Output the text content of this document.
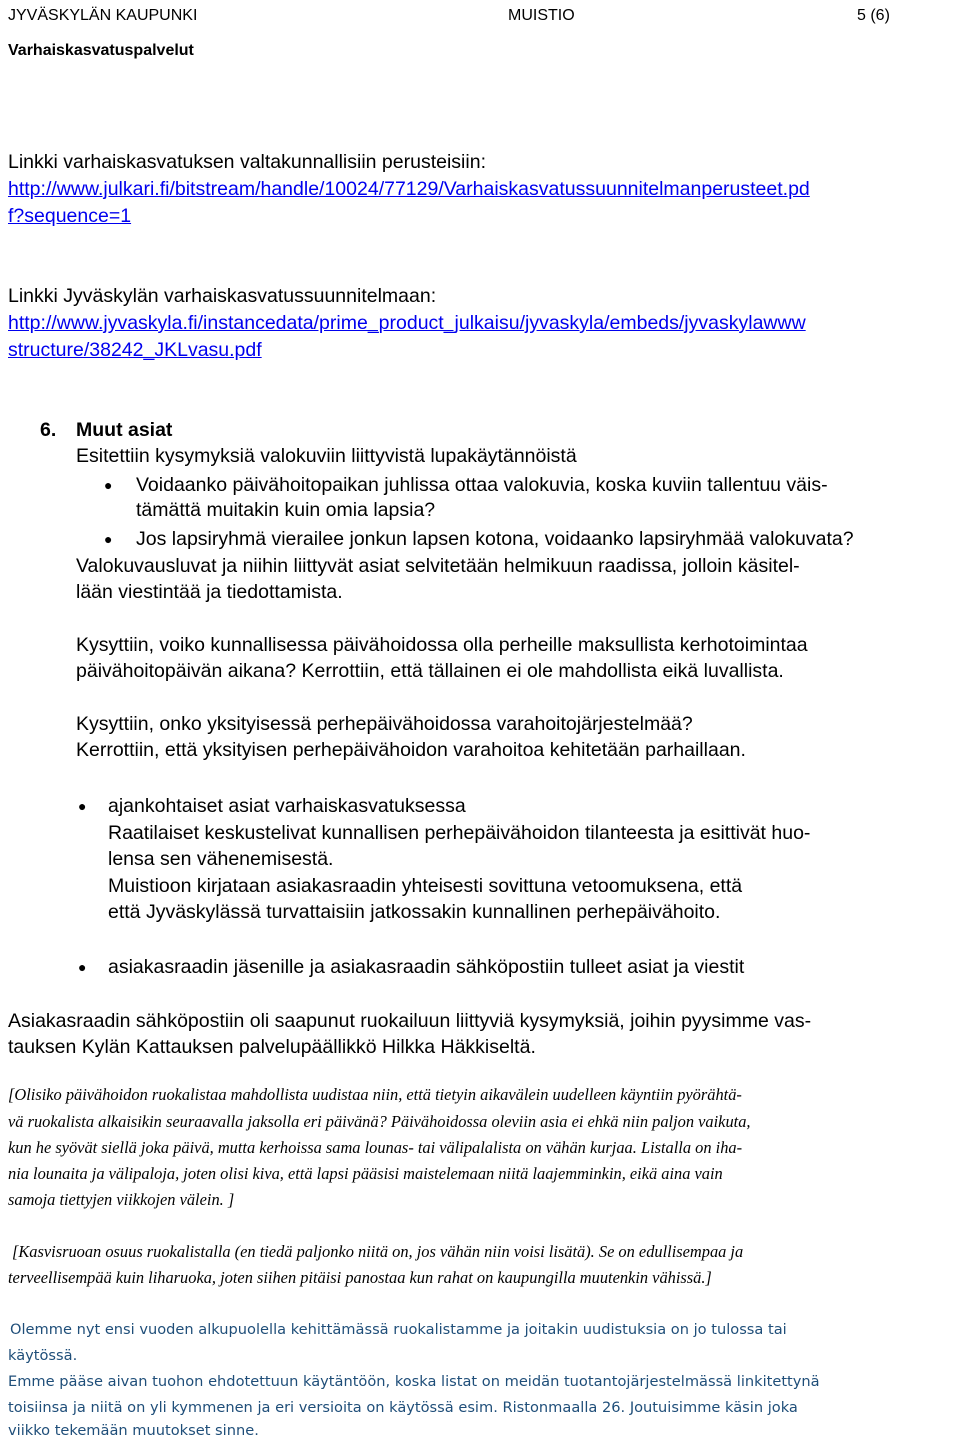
JYVÄSKYLÄN KAUPUNKI	MUISTIO	5 (6)
Varhaiskasvatuspalvelut
Linkki varhaiskasvatuksen valtakunnallisiin perusteisiin:
http://www.julkari.fi/bitstream/handle/10024/77129/Varhaiskasvatussuunnitelmanperusteet.pd
f?sequence=1
Linkki Jyväskylän varhaiskasvatussuunnitelmaan:
http://www.jyvaskyla.fi/instancedata/prime_product_julkaisu/jyvaskyla/embeds/jyvaskylawww
structure/38242_JKLvasu.pdf
6. Muut asiat
Esitettiin kysymyksiä valokuviin liittyvistä lupakäytännöistä
● Voidaanko päivähoitopaikan juhlissa ottaa valokuvia, koska kuviin tallentuu väis-
tämättä muitakin kuin omia lapsia?
● Jos lapsiryhmä vierailee jonkun lapsen kotona, voidaanko lapsiryhmää valokuvata?
Valokuvausluvat ja niihin liittyvät asiat selvitetään helmikuun raadissa, jolloin käsitel-
lään viestintää ja tiedottamista.
Kysyttiin, voiko kunnallisessa päivähoidossa olla perheille maksullista kerhotoimintaa
päivähoitopäivän aikana? Kerrottiin, että tällainen ei ole mahdollista eikä luvallista.
Kysyttiin, onko yksityisessä perhepäivähoidossa varahoitojärjestelmää?
Kerrottiin, että yksityisen perhepäivähoidon varahoitoa kehitetään parhaillaan.
● ajankohtaiset asiat varhaiskasvatuksessa
Raatilaiset keskustelivat kunnallisen perhepäivähoidon tilanteesta ja esittivät huo-
lensa sen vähenemisestä.
Muistioon kirjataan asiakasraadin yhteisesti sovittuna vetoomuksena, että
että Jyväskylässä turvattaisiin jatkossakin kunnallinen perhepäivähoito.
● asiakasraadin jäsenille ja asiakasraadin sähköpostiin tulleet asiat ja viestit
Asiakasraadin sähköpostiin oli saapunut ruokailuun liittyviä kysymyksiä, joihin pyysimme vas-
tauksen Kylän Kattauksen palvelupäällikkö Hilkka Häkkiseltä.
[Olisiko päivähoidon ruokalistaa mahdollista uudistaa niin, että tietyin aikavälein uudelleen käyntiin pyörähtä-
vä ruokalista alkaisikin seuraavalla jaksolla eri päivänä? Päivähoidossa oleviin asia ei ehkä niin paljon vaikuta,
kun he syövät siellä joka päivä, mutta kerhoissa sama lounas- tai välipalalista on vähän kurjaa. Listalla on iha-
nia lounaita ja välipaloja, joten olisi kiva, että lapsi pääsisi maistelemaan niitä laajemminkin, eikä aina vain
samoja tiettyjen viikkojen välein. ]
[Kasvisruoan osuus ruokalistalla (en tiedä paljonko niitä on, jos vähän niin voisi lisätä). Se on edullisempaa ja
terveellisempää kuin liharuoka, joten siihen pitäisi panostaa kun rahat on kaupungilla muutenkin vähissä.]
Olemme nyt ensi vuoden alkupuolella kehittämässä ruokalistamme ja joitakin uudistuksia on jo tulossa tai
käytössä.
Emme pääse aivan tuohon ehdotettuun käytäntöön, koska listat on meidän tuotantojärjestelmässä linkitettynä
toisiinsa ja niitä on yli kymmenen ja eri versioita on käytössä esim. Ristonmaalla 26. Joutuisimme käsin joka
viikko tekemään muutokset sinne.
